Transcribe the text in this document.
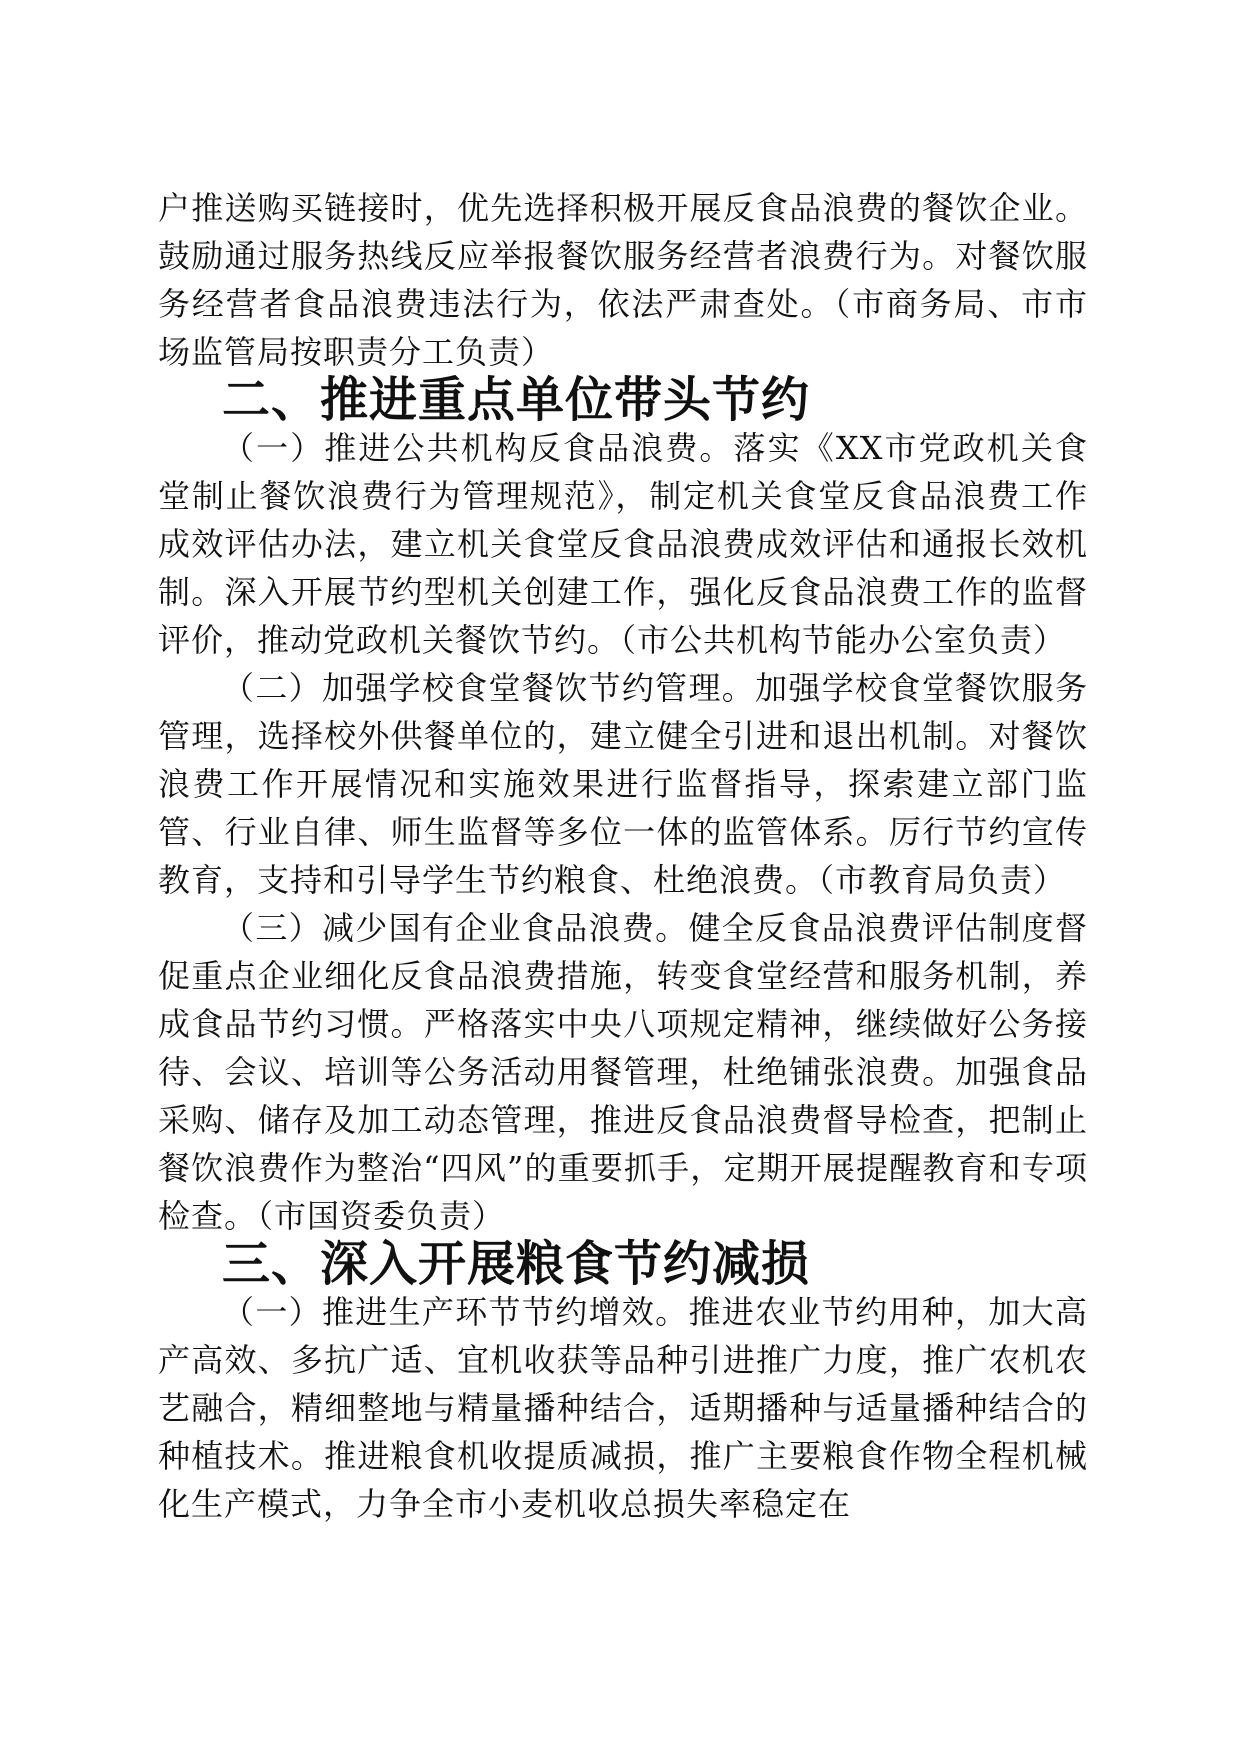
户推送购买链接时，优先选择积极开展反食品浪费的餐饮企业。鼓励通过服务热线反应举报餐饮服务经营者浪费行为。对餐饮服务经营者食品浪费违法行为，依法严肃查处。（市商务局、市市场监管局按职责分工负责）

二、推进重点单位带头节约

（一）推进公共机构反食品浪费。落实《XX市党政机关食堂制止餐饮浪费行为管理规范》，制定机关食堂反食品浪费工作成效评估办法，建立机关食堂反食品浪费成效评估和通报长效机制。深入开展节约型机关创建工作，强化反食品浪费工作的监督评价，推动党政机关餐饮节约。（市公共机构节能办公室负责）

（二）加强学校食堂餐饮节约管理。加强学校食堂餐饮服务管理，选择校外供餐单位的，建立健全引进和退出机制。对餐饮浪费工作开展情况和实施效果进行监督指导，探索建立部门监管、行业自律、师生监督等多位一体的监管体系。厉行节约宣传教育，支持和引导学生节约粮食、杜绝浪费。（市教育局负责）

（三）减少国有企业食品浪费。健全反食品浪费评估制度督促重点企业细化反食品浪费措施，转变食堂经营和服务机制，养成食品节约习惯。严格落实中央八项规定精神，继续做好公务接待、会议、培训等公务活动用餐管理，杜绝铺张浪费。加强食品采购、储存及加工动态管理，推进反食品浪费督导检查，把制止餐饮浪费作为整治“四风”的重要抓手，定期开展提醒教育和专项检查。（市国资委负责）

三、深入开展粮食节约减损

（一）推进生产环节节约增效。推进农业节约用种，加大高产高效、多抗广适、宜机收获等品种引进推广力度，推广农机农艺融合，精细整地与精量播种结合，适期播种与适量播种结合的种植技术。推进粮食机收提质减损，推广主要粮食作物全程机械化生产模式，力争全市小麦机收总损失率稳定在
